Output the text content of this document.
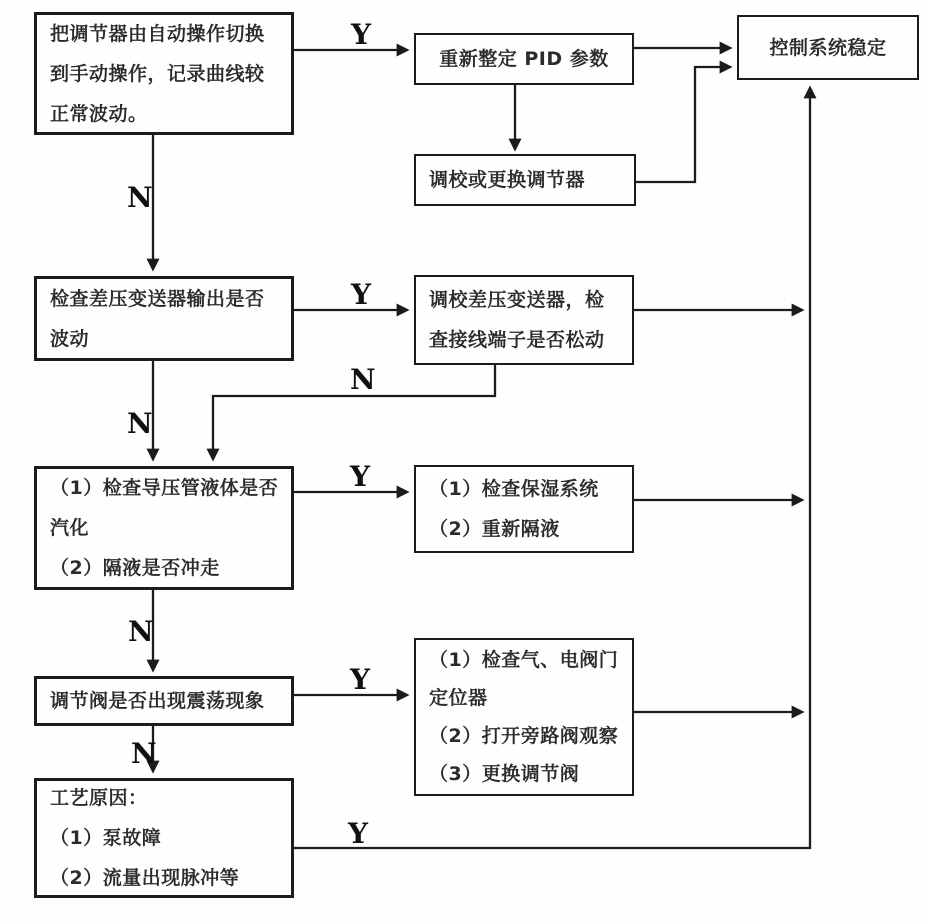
把调节器由自动操作切换
到手动操作，记录曲线较
正常波动。
检查差压变送器输出是否
波动
（1）检查导压管液体是否
汽化
（2）隔液是否冲走
调节阀是否出现震荡现象
工艺原因：
（1）泵故障
（2）流量出现脉冲等
重新整定 PID 参数
调校或更换调节器
调校差压变送器，检
查接线端子是否松动
（1）检查保湿系统
（2）重新隔液
（1）检查气、电阀门
定位器
（2）打开旁路阀观察
（3）更换调节阀
控制系统稳定
Y
N
Y
N
N
Y
N
Y
N
Y
